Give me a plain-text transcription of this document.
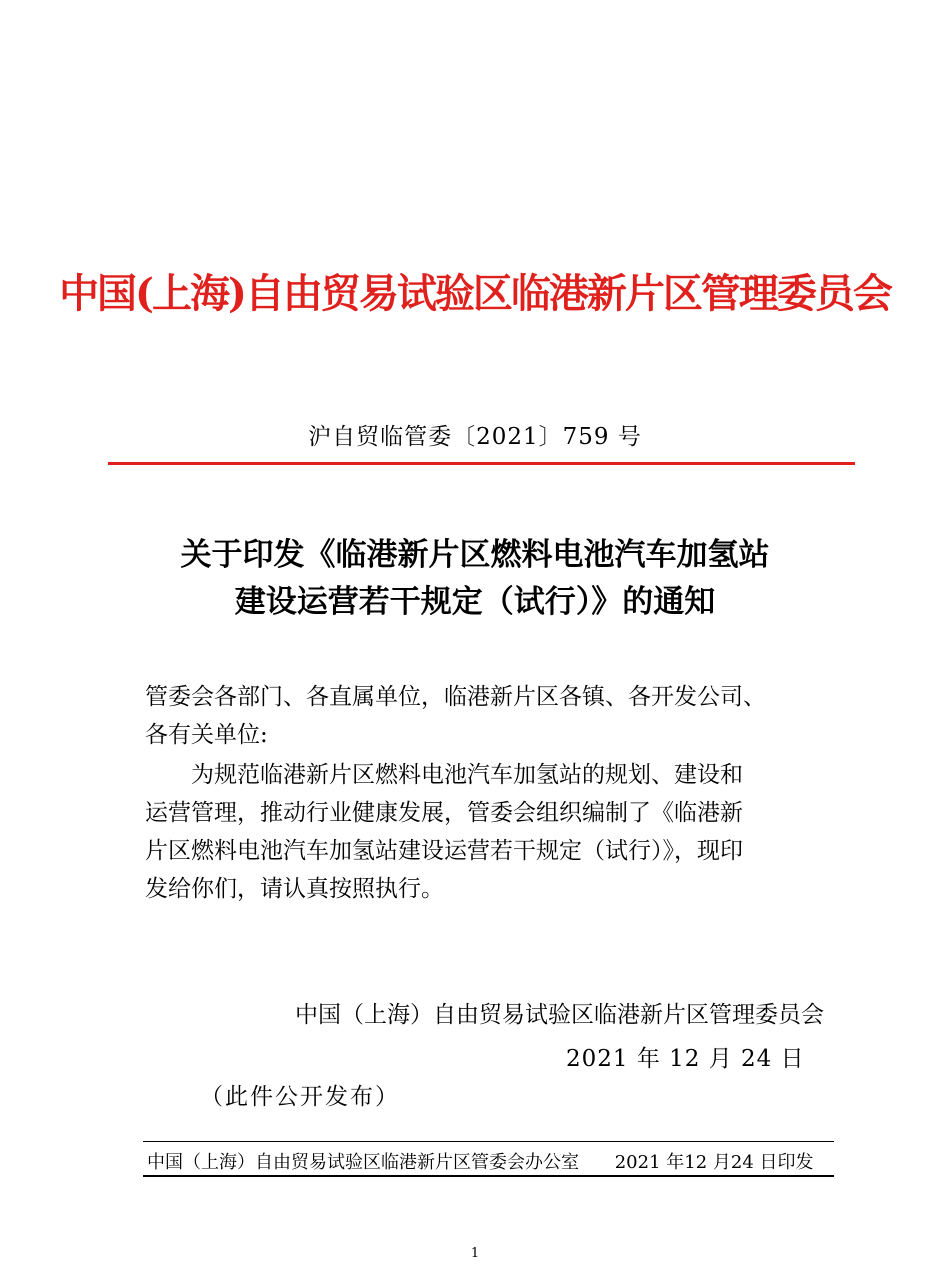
中国(上海)自由贸易试验区临港新片区管理委员会
沪自贸临管委〔2021〕759 号
关于印发《临港新片区燃料电池汽车加氢站
建设运营若干规定（试行）》的通知
管委会各部门、各直属单位，临港新片区各镇、各开发公司、
各有关单位:
为规范临港新片区燃料电池汽车加氢站的规划、建设和
运营管理，推动行业健康发展，管委会组织编制了《临港新
片区燃料电池汽车加氢站建设运营若干规定（试行）》，现印
发给你们，请认真按照执行。
中国（上海）自由贸易试验区临港新片区管理委员会
2021 年 12 月 24 日
（此件公开发布）
中国（上海）自由贸易试验区临港新片区管委会办公室 2021 年12 月24 日印发
1
